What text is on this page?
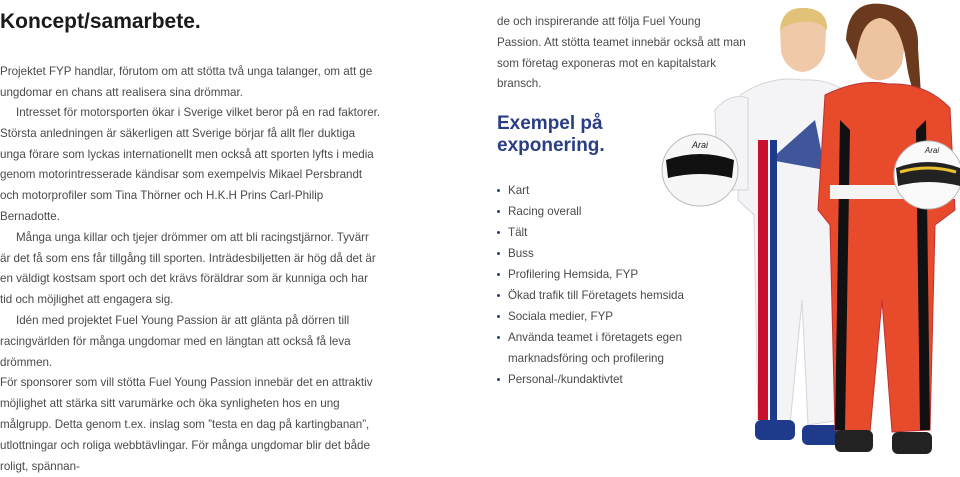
Koncept/samarbete.

Projektet FYP handlar, förutom om att stötta två unga talanger, om att ge ungdomar en chans att realisera sina drömmar.

Intresset för motorsporten ökar i Sverige vilket beror på en rad faktorer. Största anledningen är säkerligen att Sverige börjar få allt fler duktiga unga förare som lyckas internationellt men också att sporten lyfts i media genom motorintresserade kändisar som exempelvis Mikael Persbrandt och motorprofiler som Tina Thörner och H.K.H Prins Carl-Philip Bernadotte.

Många unga killar och tjejer drömmer om att bli racingstjärnor. Tyvärr är det få som ens får tillgång till sporten. Inträdesbiljetten är hög då det är en väldigt kostsam sport och det krävs föräldrar som är kunniga och har tid och möjlighet att engagera sig.

Idén med projektet Fuel Young Passion är att glänta på dörren till racingvärlden för många ungdomar med en längtan att också få leva drömmen.

För sponsorer som vill stötta Fuel Young Passion innebär det en attraktiv möjlighet att stärka sitt varumärke och öka synligheten hos en ung målgrupp. Detta genom t.ex. inslag som ”testa en dag på kartingbanan”, utlottningar och roliga webbtävlingar. För många ungdomar blir det både roligt, spännan-

de och inspirerande att följa Fuel Young Passion. Att stötta teamet innebär också att man som företag exponeras mot en kapitalstark bransch.

Exempel på exponering.
Kart
Racing overall
Tält
Buss
Profilering Hemsida, FYP
Ökad trafik till Företagets hemsida
Sociala medier, FYP
Använda teamet i företagets egen marknadsföring och profilering
Personal-/kundaktivtet
Arai
Arai
